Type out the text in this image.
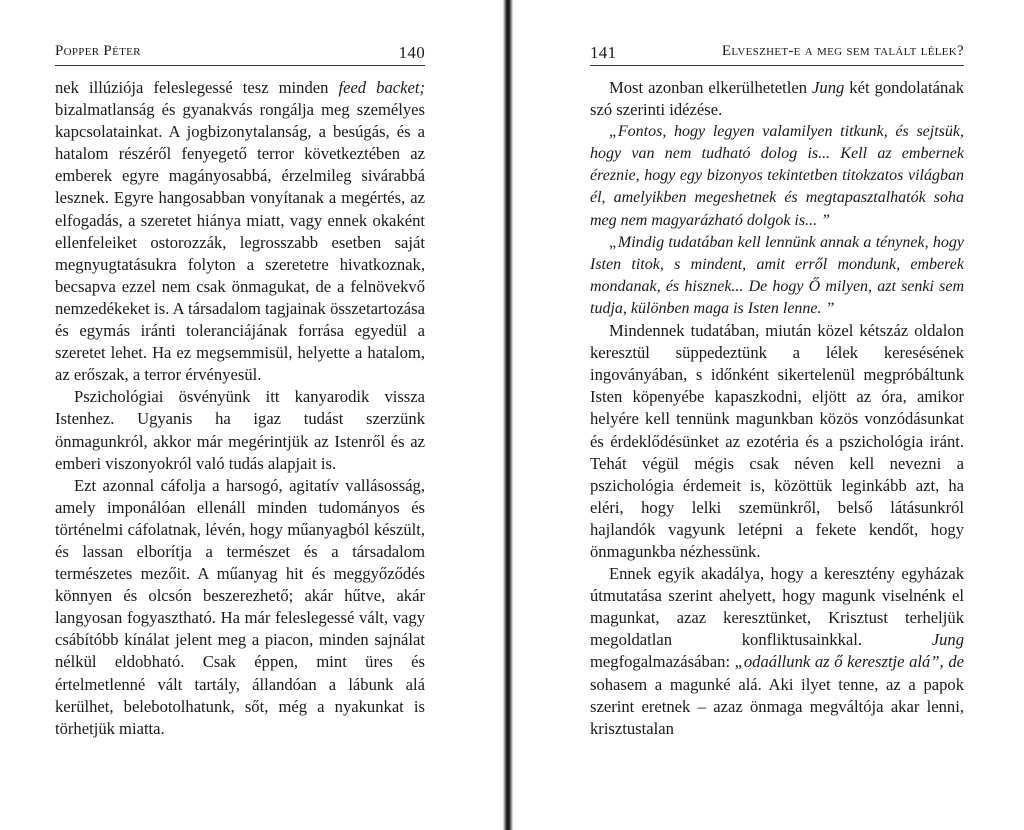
Popper Péter	140

nek illúziója feleslegessé tesz minden feed backet; bizalmatlanság és gyanakvás rongálja meg személyes kapcsolatainkat. A jogbizonytalanság, a besúgás, és a hatalom részéről fenyegető terror következtében az emberek egyre magányosabbá, érzelmileg sivárabbá lesznek. Egyre hangosabban vonyítanak a megértés, az elfogadás, a szeretet hiánya miatt, vagy ennek okaként ellenfeleiket ostorozzák, legrosszabb esetben saját megnyugtatásukra folyton a szeretetre hivatkoznak, becsapva ezzel nem csak önmagukat, de a felnövekvő nemzedékeket is. A társadalom tagjainak összetartozása és egymás iránti toleranciájának forrása egyedül a szeretet lehet. Ha ez megsemmisül, helyette a hatalom, az erőszak, a terror érvényesül.

Pszichológiai ösvényünk itt kanyarodik vissza Istenhez. Ugyanis ha igaz tudást szerzünk önmagunkról, akkor már megérintjük az Istenről és az emberi viszonyokról való tudás alapjait is.

Ezt azonnal cáfolja a harsogó, agitatív vallásosság, amely imponálóan ellenáll minden tudományos és történelmi cáfolatnak, lévén, hogy műanyagból készült, és lassan elborítja a természet és a társadalom természetes mezőit. A műanyag hit és meggyőződés könnyen és olcsón beszerezhető; akár hűtve, akár langyosan fogyasztható. Ha már feleslegessé vált, vagy csábítóbb kínálat jelent meg a piacon, minden sajnálat nélkül eldobható. Csak éppen, mint üres és értelmetlenné vált tartály, állandóan a lábunk alá kerülhet, belebotolhatunk, sőt, még a nyakunkat is törhetjük miatta.

141	Elveszhet-e a meg sem talált lélek?

Most azonban elkerülhetetlen Jung két gondolatának szó szerinti idézése.

„Fontos, hogy legyen valamilyen titkunk, és sejtsük, hogy van nem tudható dolog is... Kell az embernek éreznie, hogy egy bizonyos tekintetben titokzatos világban él, amelyikben megeshetnek és megtapasztalhatók soha meg nem magyarázható dolgok is... ”

„Mindig tudatában kell lennünk annak a ténynek, hogy Isten titok, s mindent, amit erről mondunk, emberek mondanak, és hisznek... De hogy Ő milyen, azt senki sem tudja, különben maga is Isten lenne. ”

Mindennek tudatában, miután közel kétszáz oldalon keresztül süppedeztünk a lélek keresésének ingoványában, s időnként sikertelenül megpróbáltunk Isten köpenyébe kapaszkodni, eljött az óra, amikor helyére kell tennünk magunkban közös vonzódásunkat és érdeklődésünket az ezotéria és a pszichológia iránt. Tehát végül mégis csak néven kell nevezni a pszichológia érdemeit is, közöttük leginkább azt, ha eléri, hogy lelki szemünkről, belső látásunkról hajlandók vagyunk letépni a fekete kendőt, hogy önmagunkba nézhessünk.

Ennek egyik akadálya, hogy a keresztény egyházak útmutatása szerint ahelyett, hogy magunk viselnénk el magunkat, azaz keresztünket, Krisztust terheljük megoldatlan konfliktusainkkal. Jung megfogalmazásában: „odaállunk az ő keresztje alá”, de sohasem a magunké alá. Aki ilyet tenne, az a papok szerint eretnek – azaz önmaga megváltója akar lenni, krisztustalan
